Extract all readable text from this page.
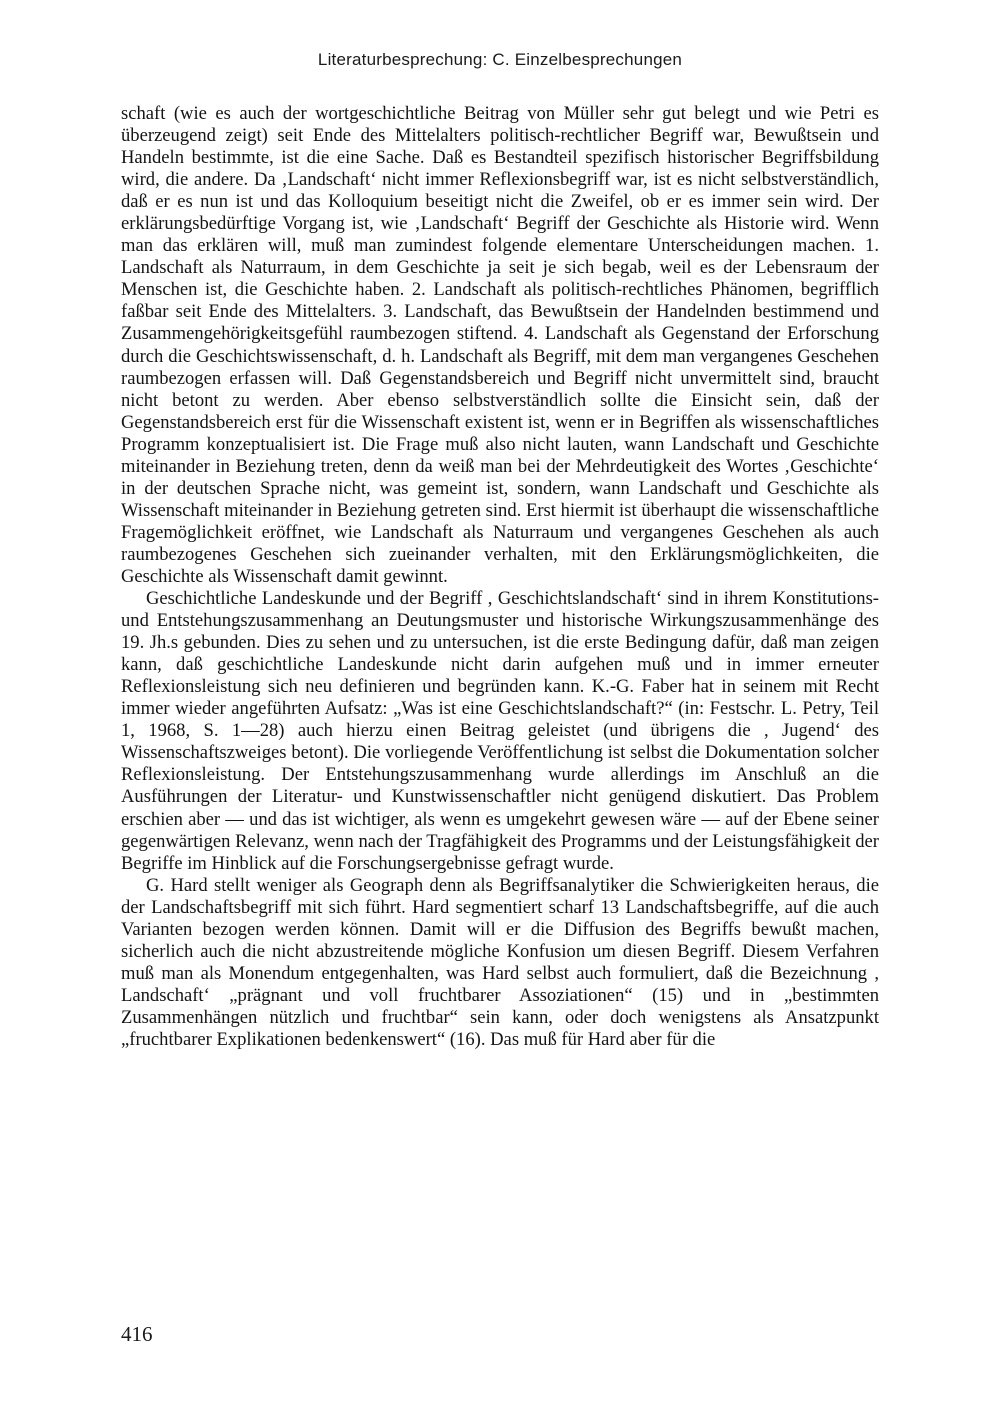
Literaturbesprechung: C. Einzelbesprechungen

schaft (wie es auch der wortgeschichtliche Beitrag von Müller sehr gut belegt und wie Petri es überzeugend zeigt) seit Ende des Mittelalters politisch-rechtlicher Begriff war, Bewußtsein und Handeln bestimmte, ist die eine Sache. Daß es Bestandteil spezifisch historischer Begriffsbildung wird, die andere. Da ‚Landschaft‘ nicht immer Reflexionsbegriff war, ist es nicht selbstverständlich, daß er es nun ist und das Kolloquium beseitigt nicht die Zweifel, ob er es immer sein wird. Der erklärungsbedürftige Vorgang ist, wie ‚Landschaft‘ Begriff der Geschichte als Historie wird. Wenn man das erklären will, muß man zumindest folgende elementare Unterscheidungen machen. 1. Landschaft als Naturraum, in dem Geschichte ja seit je sich begab, weil es der Lebensraum der Menschen ist, die Geschichte haben. 2. Landschaft als politisch-rechtliches Phänomen, begrifflich faßbar seit Ende des Mittelalters. 3. Landschaft, das Bewußtsein der Handelnden bestimmend und Zusammengehörigkeitsgefühl raumbezogen stiftend. 4. Landschaft als Gegenstand der Erforschung durch die Geschichtswissenschaft, d. h. Landschaft als Begriff, mit dem man vergangenes Geschehen raumbezogen erfassen will. Daß Gegenstandsbereich und Begriff nicht unvermittelt sind, braucht nicht betont zu werden. Aber ebenso selbstverständlich sollte die Einsicht sein, daß der Gegenstandsbereich erst für die Wissenschaft existent ist, wenn er in Begriffen als wissenschaftliches Programm konzeptualisiert ist. Die Frage muß also nicht lauten, wann Landschaft und Geschichte miteinander in Beziehung treten, denn da weiß man bei der Mehrdeutigkeit des Wortes ‚Geschichte‘ in der deutschen Sprache nicht, was gemeint ist, sondern, wann Landschaft und Geschichte als Wissenschaft miteinander in Beziehung getreten sind. Erst hiermit ist überhaupt die wissenschaftliche Fragemöglichkeit eröffnet, wie Landschaft als Naturraum und vergangenes Geschehen als auch raumbezogenes Geschehen sich zueinander verhalten, mit den Erklärungsmöglichkeiten, die Geschichte als Wissenschaft damit gewinnt.

Geschichtliche Landeskunde und der Begriff , Geschichtslandschaft‘ sind in ihrem Konstitutions- und Entstehungszusammenhang an Deutungsmuster und historische Wirkungszusammenhänge des 19. Jh.s gebunden. Dies zu sehen und zu untersuchen, ist die erste Bedingung dafür, daß man zeigen kann, daß geschichtliche Landeskunde nicht darin aufgehen muß und in immer erneuter Reflexionsleistung sich neu definieren und begründen kann. K.-G. Faber hat in seinem mit Recht immer wieder angeführten Aufsatz: „Was ist eine Geschichtslandschaft?“ (in: Festschr. L. Petry, Teil 1, 1968, S. 1—28) auch hierzu einen Beitrag geleistet (und übrigens die , Jugend‘ des Wissenschaftszweiges betont). Die vorliegende Veröffentlichung ist selbst die Dokumentation solcher Reflexionsleistung. Der Entstehungszusammenhang wurde allerdings im Anschluß an die Ausführungen der Literatur- und Kunstwissenschaftler nicht genügend diskutiert. Das Problem erschien aber — und das ist wichtiger, als wenn es umgekehrt gewesen wäre — auf der Ebene seiner gegenwärtigen Relevanz, wenn nach der Tragfähigkeit des Programms und der Leistungsfähigkeit der Begriffe im Hinblick auf die Forschungsergebnisse gefragt wurde.

G. Hard stellt weniger als Geograph denn als Begriffsanalytiker die Schwierigkeiten heraus, die der Landschaftsbegriff mit sich führt. Hard segmentiert scharf 13 Landschaftsbegriffe, auf die auch Varianten bezogen werden können. Damit will er die Diffusion des Begriffs bewußt machen, sicherlich auch die nicht abzustreitende mögliche Konfusion um diesen Begriff. Diesem Verfahren muß man als Monendum entgegenhalten, was Hard selbst auch formuliert, daß die Bezeichnung , Landschaft‘ „prägnant und voll fruchtbarer Assoziationen“ (15) und in „bestimmten Zusammenhängen nützlich und fruchtbar“ sein kann, oder doch wenigstens als Ansatzpunkt „fruchtbarer Explikationen bedenkenswert“ (16). Das muß für Hard aber für die

416
